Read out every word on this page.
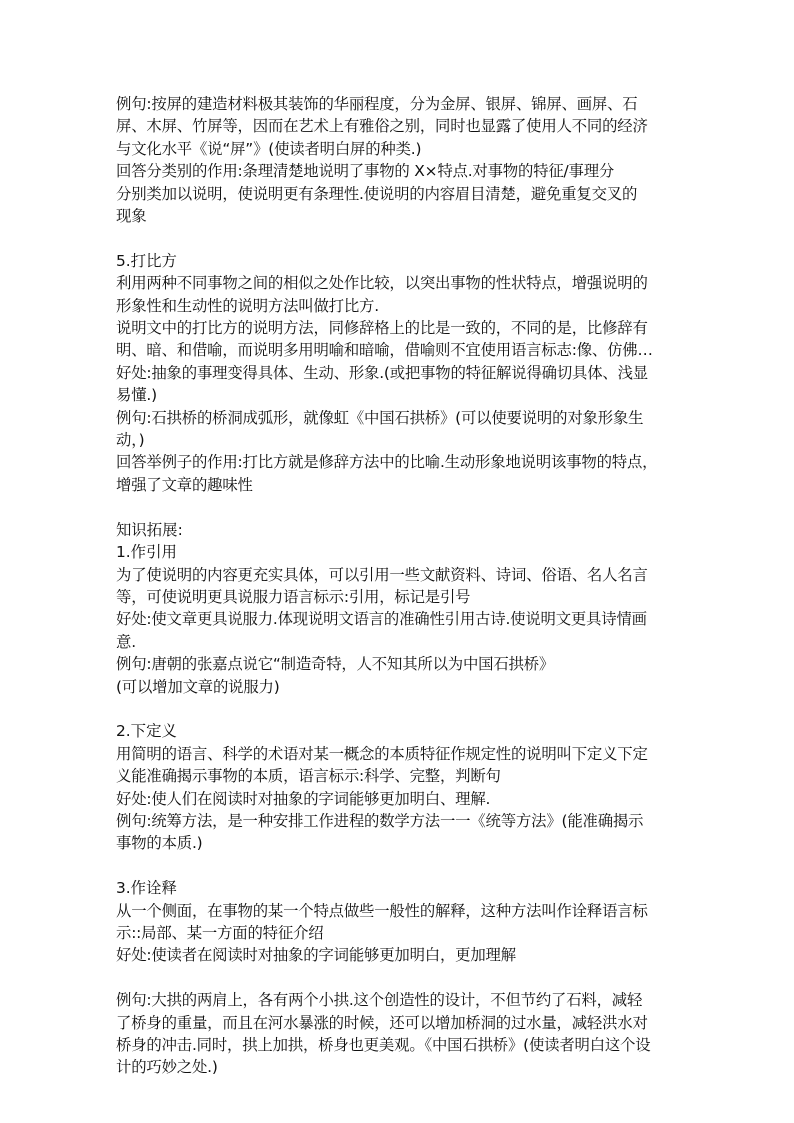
例句:按屏的建造材料极其装饰的华丽程度，分为金屏、银屏、锦屏、画屏、石
屏、木屏、竹屏等，因而在艺术上有雅俗之别，同时也显露了使用人不同的经济
与文化水平《说“屏”》(使读者明白屏的种类.)
回答分类别的作用:条理清楚地说明了事物的 X×特点.对事物的特征/事理分
分别类加以说明，使说明更有条理性.使说明的内容眉目清楚，避免重复交叉的
现象
5.打比方
利用两种不同事物之间的相似之处作比较，以突出事物的性状特点，增强说明的
形象性和生动性的说明方法叫做打比方.
说明文中的打比方的说明方法，同修辞格上的比是一致的，不同的是，比修辞有
明、暗、和借喻，而说明多用明喻和暗喻，借喻则不宜使用语言标志:像、仿佛…
好处:抽象的事理变得具体、生动、形象.(或把事物的特征解说得确切具体、浅显
易懂.)
例句:石拱桥的桥洞成弧形，就像虹《中国石拱桥》(可以使要说明的对象形象生
动，)
回答举例子的作用:打比方就是修辞方法中的比喻.生动形象地说明该事物的特点，
增强了文章的趣味性
知识拓展:
1.作引用
为了使说明的内容更充实具体，可以引用一些文献资料、诗词、俗语、名人名言
等，可使说明更具说服力语言标示:引用，标记是引号
好处:使文章更具说服力.体现说明文语言的准确性引用古诗.使说明文更具诗情画
意.
例句:唐朝的张嘉点说它“制造奇特，人不知其所以为中国石拱桥》
(可以增加文章的说服力)
2.下定义
用简明的语言、科学的术语对某一概念的本质特征作规定性的说明叫下定义下定
义能准确揭示事物的本质，语言标示:科学、完整，判断句
好处:使人们在阅读时对抽象的字词能够更加明白、理解.
例句:统筹方法，是一种安排工作进程的数学方法一一《统等方法》(能准确揭示
事物的本质.)
3.作诠释
从一个侧面，在事物的某一个特点做些一般性的解释，这种方法叫作诠释语言标
示::局部、某一方面的特征介绍
好处:使读者在阅读时对抽象的字词能够更加明白，更加理解
例句:大拱的两肩上，各有两个小拱.这个创造性的设计，不但节约了石料，减轻
了桥身的重量，而且在河水暴涨的时候，还可以增加桥洞的过水量，减轻洪水对
桥身的冲击.同时，拱上加拱，桥身也更美观。《中国石拱桥》(使读者明白这个设
计的巧妙之处.)
